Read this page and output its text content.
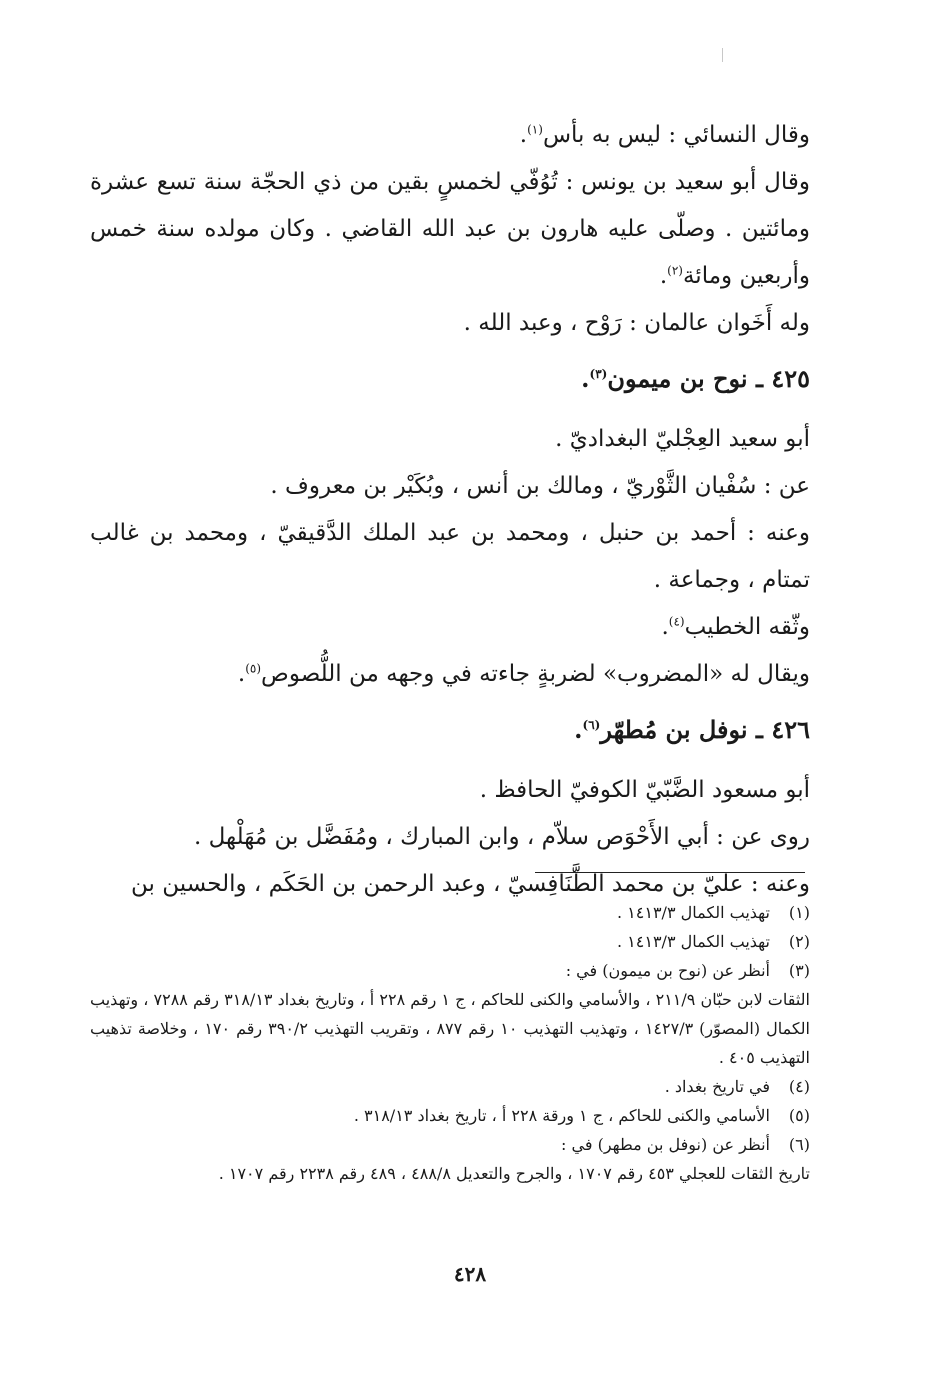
وقال النسائي : ليس به بأس$^{(١)}$.

وقال أبو سعيد بن يونس : تُوُفّي لخمسٍ بقين من ذي الحجّة سنة تسع عشرة ومائتين . وصلّى عليه هارون بن عبد الله القاضي . وكان مولده سنة خمس وأربعين ومائة$^{(٢)}$.

وله أَخَوان عالمان : رَوْح ، وعبد الله .

٤٢٥ ـ نوح بن ميمون$^{(٣)}$.

أبو سعيد العِجْليّ البغداديّ .

عن : سُفْيان الثَّوْريّ ، ومالك بن أنس ، وبُكَيْر بن معروف .

وعنه : أحمد بن حنبل ، ومحمد بن عبد الملك الدَّقيقيّ ، ومحمد بن غالب تمتام ، وجماعة .

وثّقه الخطيب$^{(٤)}$.

ويقال له «المضروب» لضربةٍ جاءته في وجهه من اللُّصوص$^{(٥)}$.

٤٢٦ ـ نوفل بن مُطهّر$^{(٦)}$.

أبو مسعود الضَّبّيّ الكوفيّ الحافظ .

روى عن : أبي الأَحْوَص سلاّم ، وابن المبارك ، ومُفَضَّل بن مُهَلْهل .

وعنه : عليّ بن محمد الطَّنَافِسيّ ، وعبد الرحمن بن الحَكَم ، والحسين بن

(١)
تهذيب الكمال ١٤١٣/٣ .
(٢)
تهذيب الكمال ١٤١٣/٣ .
(٣)
أنظر عن (نوح بن ميمون) في :
الثقات لابن حبّان ٢١١/٩ ، والأسامي والكنى للحاكم ، ج ١ رقم ٢٢٨ أ ، وتاريخ بغداد ٣١٨/١٣ رقم ٧٢٨٨ ، وتهذيب الكمال (المصوّر) ١٤٢٧/٣ ، وتهذيب التهذيب ١٠ رقم ٨٧٧ ، وتقريب التهذيب ٣٩٠/٢ رقم ١٧٠ ، وخلاصة تذهيب التهذيب ٤٠٥ .
(٤)
في تاريخ بغداد .
(٥)
الأسامي والكنى للحاكم ، ج ١ ورقة ٢٢٨ أ ، تاريخ بغداد ٣١٨/١٣ .
(٦)
أنظر عن (نوفل بن مطهر) في :
تاريخ الثقات للعجلي ٤٥٣ رقم ١٧٠٧ ، والجرح والتعديل ٤٨٨/٨ ، ٤٨٩ رقم ٢٢٣٨ رقم ١٧٠٧ .
٤٢٨
